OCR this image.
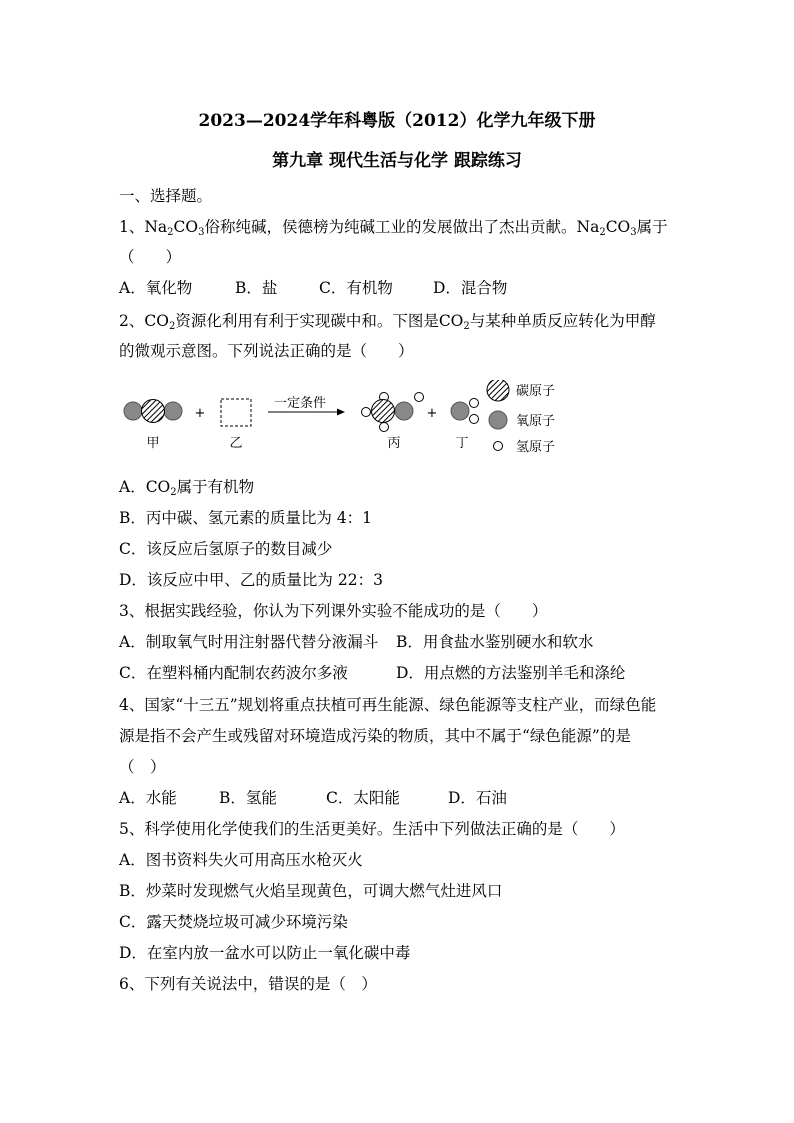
2023—2024学年科粤版（2012）化学九年级下册
第九章 现代生活与化学 跟踪练习
一、选择题。
1、$Na_2CO_3$俗称纯碱，侯德榜为纯碱工业的发展做出了杰出贡献。$Na_2CO_3$属于
（　　）
A．氧化物	B．盐	C．有机物	D．混合物
2、$CO_2$资源化利用有利于实现碳中和。下图是$CO_2$与某种单质反应转化为甲醇
的微观示意图。下列说法正确的是（　　）
甲
+
乙
一定条件
丙
+
丁
碳原子
氧原子
氢原子
A．$CO_2$属于有机物
B．丙中碳、氢元素的质量比为 4：1
C．该反应后氢原子的数目减少
D．该反应中甲、乙的质量比为 22：3
3、根据实践经验，你认为下列课外实验不能成功的是（　　）
A．制取氧气时用注射器代替分液漏斗 B．用食盐水鉴别硬水和软水
C．在塑料桶内配制农药波尔多液	D．用点燃的方法鉴别羊毛和涤纶
4、国家“十三五”规划将重点扶植可再生能源、绿色能源等支柱产业，而绿色能
源是指不会产生或残留对环境造成污染的物质，其中不属于“绿色能源”的是
（　）
A．水能	B．氢能	C．太阳能	D．石油
5、科学使用化学使我们的生活更美好。生活中下列做法正确的是（　　）
A．图书资料失火可用高压水枪灭火
B．炒菜时发现燃气火焰呈现黄色，可调大燃气灶进风口
C．露天焚烧垃圾可减少环境污染
D．在室内放一盆水可以防止一氧化碳中毒
6、下列有关说法中，错误的是（　）
